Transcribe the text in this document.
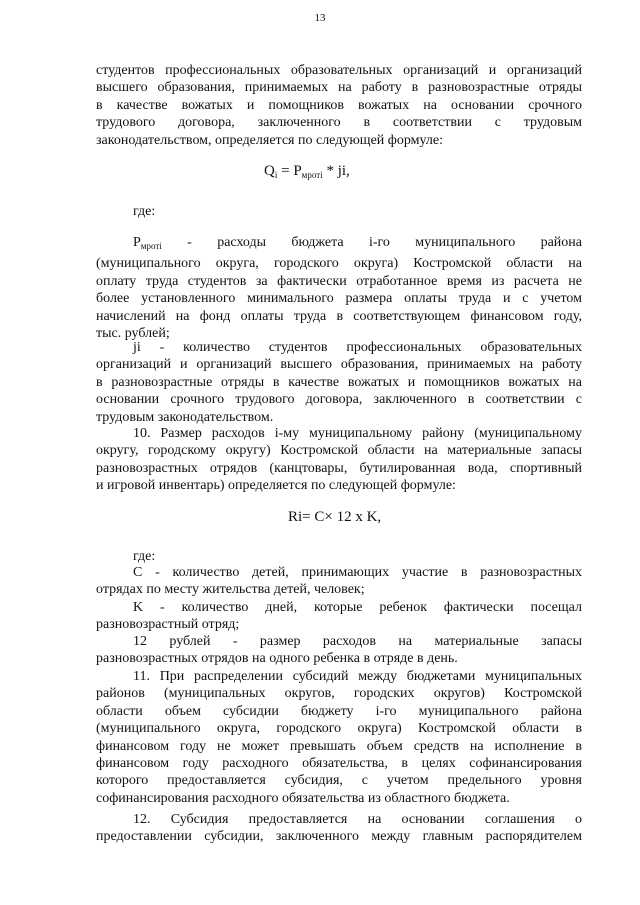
13
студентов профессиональных образовательных организаций и организаций
высшего образования, принимаемых на работу в разновозрастные отряды
в качестве вожатых и помощников вожатых на основании срочного
трудового договора, заключенного в соответствии с трудовым
законодательством, определяется по следующей формуле:
$Q_i = P_{мротi}$ * ji,
где:
$P_{мротi}$ - расходы бюджета i-го муниципального района
(муниципального округа, городского округа) Костромской области на
оплату труда студентов за фактически отработанное время из расчета не
более установленного минимального размера оплаты труда и с учетом
начислений на фонд оплаты труда в соответствующем финансовом году,
тыс. рублей;
ji - количество студентов профессиональных образовательных
организаций и организаций высшего образования, принимаемых на работу
в разновозрастные отряды в качестве вожатых и помощников вожатых на
основании срочного трудового договора, заключенного в соответствии с
трудовым законодательством.
10. Размер расходов i-му муниципальному району (муниципальному
округу, городскому округу) Костромской области на материальные запасы
разновозрастных отрядов (канцтовары, бутилированная вода, спортивный
и игровой инвентарь) определяется по следующей формуле:
Ri= C× 12 х K,
где:
C - количество детей, принимающих участие в разновозрастных
отрядах по месту жительства детей, человек;
K - количество дней, которые ребенок фактически посещал
разновозрастный отряд;
12 рублей - размер расходов на материальные запасы
разновозрастных отрядов на одного ребенка в отряде в день.
11. При распределении субсидий между бюджетами муниципальных
районов (муниципальных округов, городских округов) Костромской
области объем субсидии бюджету i-го муниципального района
(муниципального округа, городского округа) Костромской области в
финансовом году не может превышать объем средств на исполнение в
финансовом году расходного обязательства, в целях софинансирования
которого предоставляется субсидия, с учетом предельного уровня
софинансирования расходного обязательства из областного бюджета.
12. Субсидия предоставляется на основании соглашения о
предоставлении субсидии, заключенного между главным распорядителем
